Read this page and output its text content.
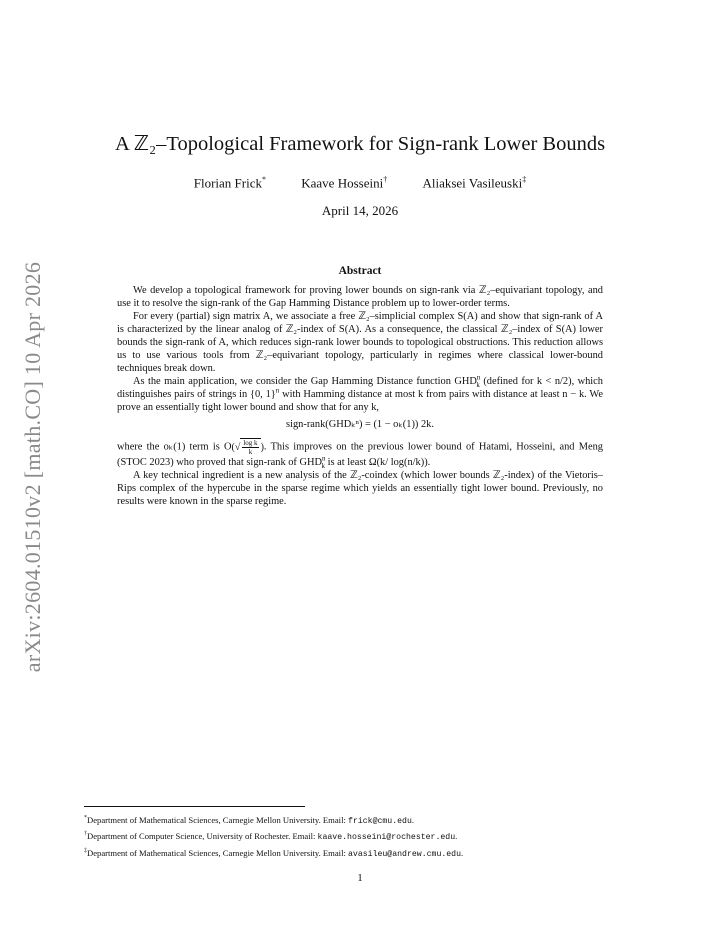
arXiv:2604.01510v2 [math.CO] 10 Apr 2026
A ℤ₂–Topological Framework for Sign-rank Lower Bounds
Florian Frick*	Kaave Hosseini†	Aliaksei Vasileuski‡
April 14, 2026
Abstract

We develop a topological framework for proving lower bounds on sign-rank via ℤ₂–equivariant topology, and use it to resolve the sign-rank of the Gap Hamming Distance problem up to lower-order terms.

For every (partial) sign matrix A, we associate a free ℤ₂–simplicial complex S(A) and show that sign-rank of A is characterized by the linear analog of ℤ₂-index of S(A). As a consequence, the classical ℤ₂–index of S(A) lower bounds the sign-rank of A, which reduces sign-rank lower bounds to topological obstructions. This reduction allows us to use various tools from ℤ₂–equivariant topology, particularly in regimes where classical lower-bound techniques break down.

As the main application, we consider the Gap Hamming Distance function $GHD^n_k$ (defined for k < n/2), which distinguishes pairs of strings in {0, 1}$^n$ with Hamming distance at most k from pairs with distance at least n − k. We prove an essentially tight lower bound and show that for any k,

sign-rank(GHDₖⁿ) = (1 − oₖ(1)) 2k.

where the oₖ(1) term is $O(√ \frac{\text{log k}}{k}$ ). This improves on the previous lower bound of Hatami, Hosseini, and Meng (STOC 2023) who proved that sign-rank of $GHD^n_k$ is at least Ω(k/ log(n/k)).

A key technical ingredient is a new analysis of the ℤ₂-coindex (which lower bounds ℤ₂-index) of the Vietoris–Rips complex of the hypercube in the sparse regime which yields an essentially tight lower bound. Previously, no results were known in the sparse regime.

*Department of Mathematical Sciences, Carnegie Mellon University. Email: frick@cmu.edu.
†Department of Computer Science, University of Rochester. Email: kaave.hosseini@rochester.edu.
‡Department of Mathematical Sciences, Carnegie Mellon University. Email: avasileu@andrew.cmu.edu.
1
